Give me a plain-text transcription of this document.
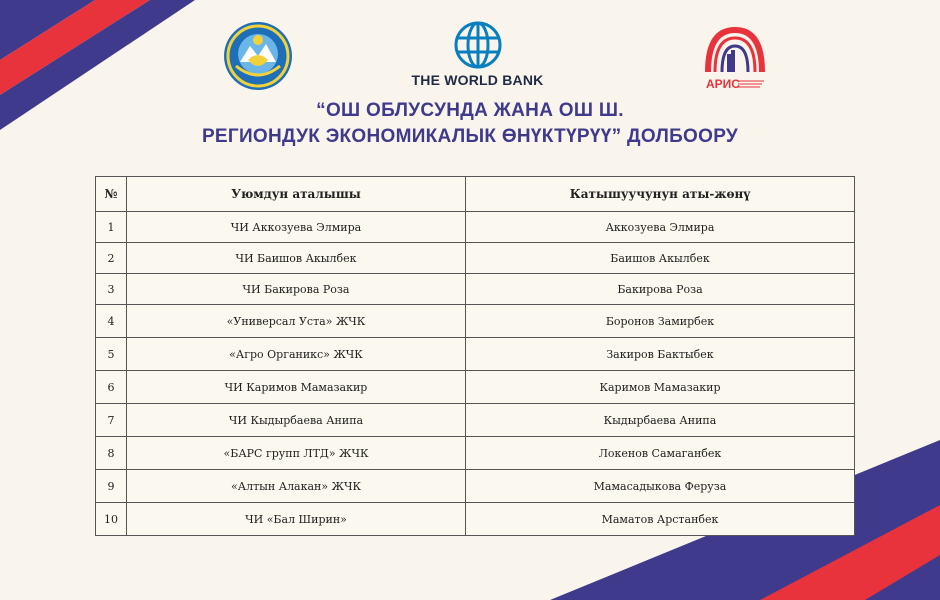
THE WORLD BANK	АРИС
“ОШ ОБЛУСУНДА ЖАНА ОШ Ш.
РЕГИОНДУК ЭКОНОМИКАЛЫК ӨНҮКТҮРҮҮ” ДОЛБООРУ
№	Уюмдун аталышы	Катышуучунун аты-жөнү
1	ЧИ Аккозуева Элмира	Аккозуева Элмира
2	ЧИ Баишов Акылбек	Баишов Акылбек
3	ЧИ Бакирова Роза	Бакирова Роза
4	«Универсал Уста» ЖЧК	Боронов Замирбек
5	«Агро Органикс» ЖЧК	Закиров Бактыбек
6	ЧИ Каримов Мамазакир	Каримов Мамазакир
7	ЧИ Кыдырбаева Анипа	Кыдырбаева Анипа
8	«БАРС групп ЛТД» ЖЧК	Локенов Самаганбек
9	«Алтын Алакан» ЖЧК	Мамасадыкова Феруза
10	ЧИ «Бал Ширин»	Маматов Арстанбек
